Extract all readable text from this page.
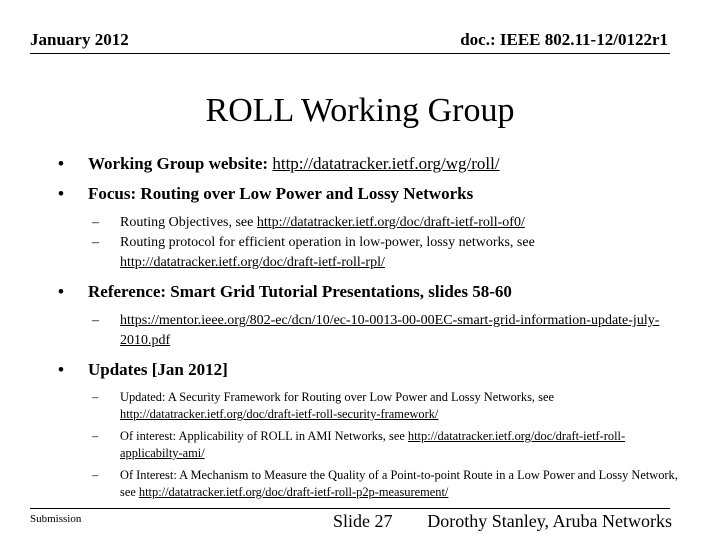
January 2012	doc.: IEEE 802.11-12/0122r1
ROLL Working Group
• Working Group website: http://datatracker.ietf.org/wg/roll/
• Focus: Routing over Low Power and Lossy Networks
– Routing Objectives, see http://datatracker.ietf.org/doc/draft-ietf-roll-of0/
– Routing protocol for efficient operation in low-power, lossy networks, see http://datatracker.ietf.org/doc/draft-ietf-roll-rpl/
• Reference: Smart Grid Tutorial Presentations, slides 58-60
– https://mentor.ieee.org/802-ec/dcn/10/ec-10-0013-00-00EC-smart-grid-information-update-july-2010.pdf
• Updates [Jan 2012]
– Updated: A Security Framework for Routing over Low Power and Lossy Networks, see http://datatracker.ietf.org/doc/draft-ietf-roll-security-framework/
– Of interest: Applicability of ROLL in AMI Networks, see http://datatracker.ietf.org/doc/draft-ietf-roll-applicabilty-ami/
– Of Interest: A Mechanism to Measure the Quality of a Point-to-point Route in a Low Power and Lossy Network, see http://datatracker.ietf.org/doc/draft-ietf-roll-p2p-measurement/
Submission	Slide 27 Dorothy Stanley, Aruba Networks
